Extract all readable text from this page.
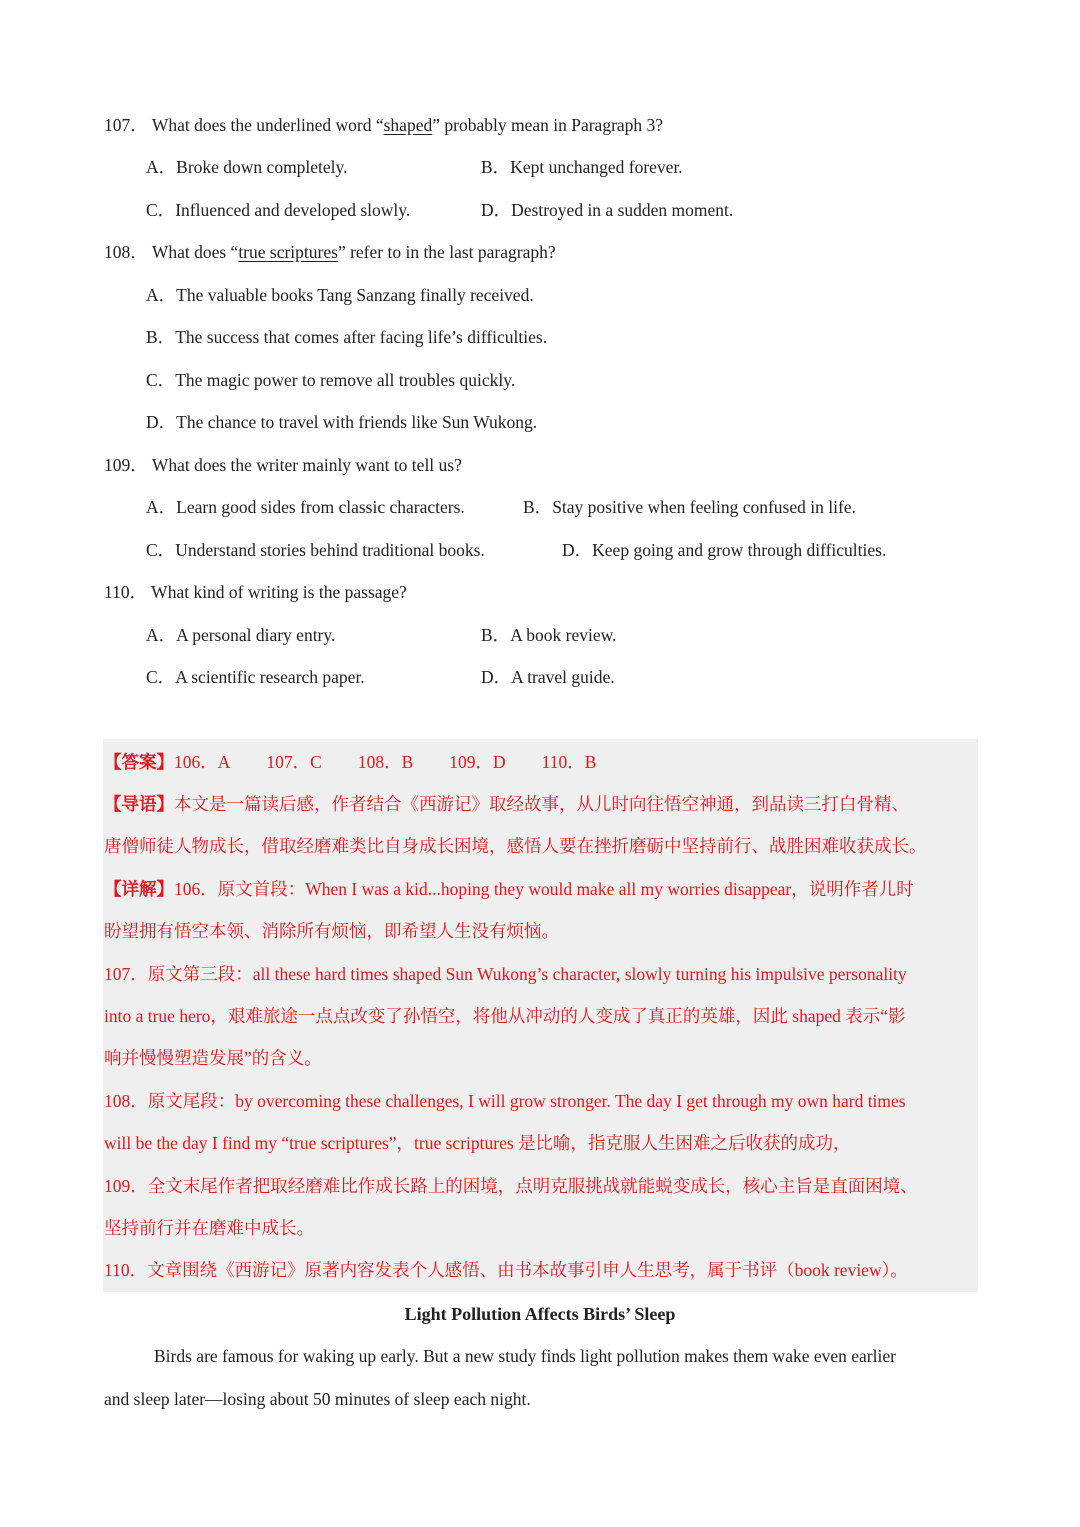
107． What does the underlined word “shaped” probably mean in Paragraph 3?
A．Broke down completely.	B．Kept unchanged forever.
C．Influenced and developed slowly.	D．Destroyed in a sudden moment.
108． What does “true scriptures” refer to in the last paragraph?
A．The valuable books Tang Sanzang finally received.
B．The success that comes after facing life’s difficulties.
C．The magic power to remove all troubles quickly.
D．The chance to travel with friends like Sun Wukong.
109． What does the writer mainly want to tell us?
A．Learn good sides from classic characters.	B．Stay positive when feeling confused in life.
C．Understand stories behind traditional books.	D．Keep going and grow through difficulties.
110． What kind of writing is the passage?
A．A personal diary entry.	B．A book review.
C．A scientific research paper.	D．A travel guide.
【答案】106．A 107．C 108．B 109．D 110．B
【导语】本文是一篇读后感，作者结合《西游记》取经故事，从儿时向往悟空神通，到品读三打白骨精、
唐僧师徒人物成长，借取经磨难类比自身成长困境，感悟人要在挫折磨砺中坚持前行、战胜困难收获成长。
【详解】106．原文首段：When I was a kid...hoping they would make all my worries disappear，说明作者儿时
盼望拥有悟空本领、消除所有烦恼，即希望人生没有烦恼。
107．原文第三段：all these hard times shaped Sun Wukong’s character, slowly turning his impulsive personality
into a true hero，艰难旅途一点点改变了孙悟空，将他从冲动的人变成了真正的英雄，因此 shaped 表示“影
响并慢慢塑造发展”的含义。
108．原文尾段：by overcoming these challenges, I will grow stronger. The day I get through my own hard times
will be the day I find my “true scriptures”，true scriptures 是比喻，指克服人生困难之后收获的成功，
109．全文末尾作者把取经磨难比作成长路上的困境，点明克服挑战就能蜕变成长，核心主旨是直面困境、
坚持前行并在磨难中成长。
110．文章围绕《西游记》原著内容发表个人感悟、由书本故事引申人生思考，属于书评（book review）。
Light Pollution Affects Birds’ Sleep
Birds are famous for waking up early. But a new study finds light pollution makes them wake even earlier
and sleep later—losing about 50 minutes of sleep each night.
